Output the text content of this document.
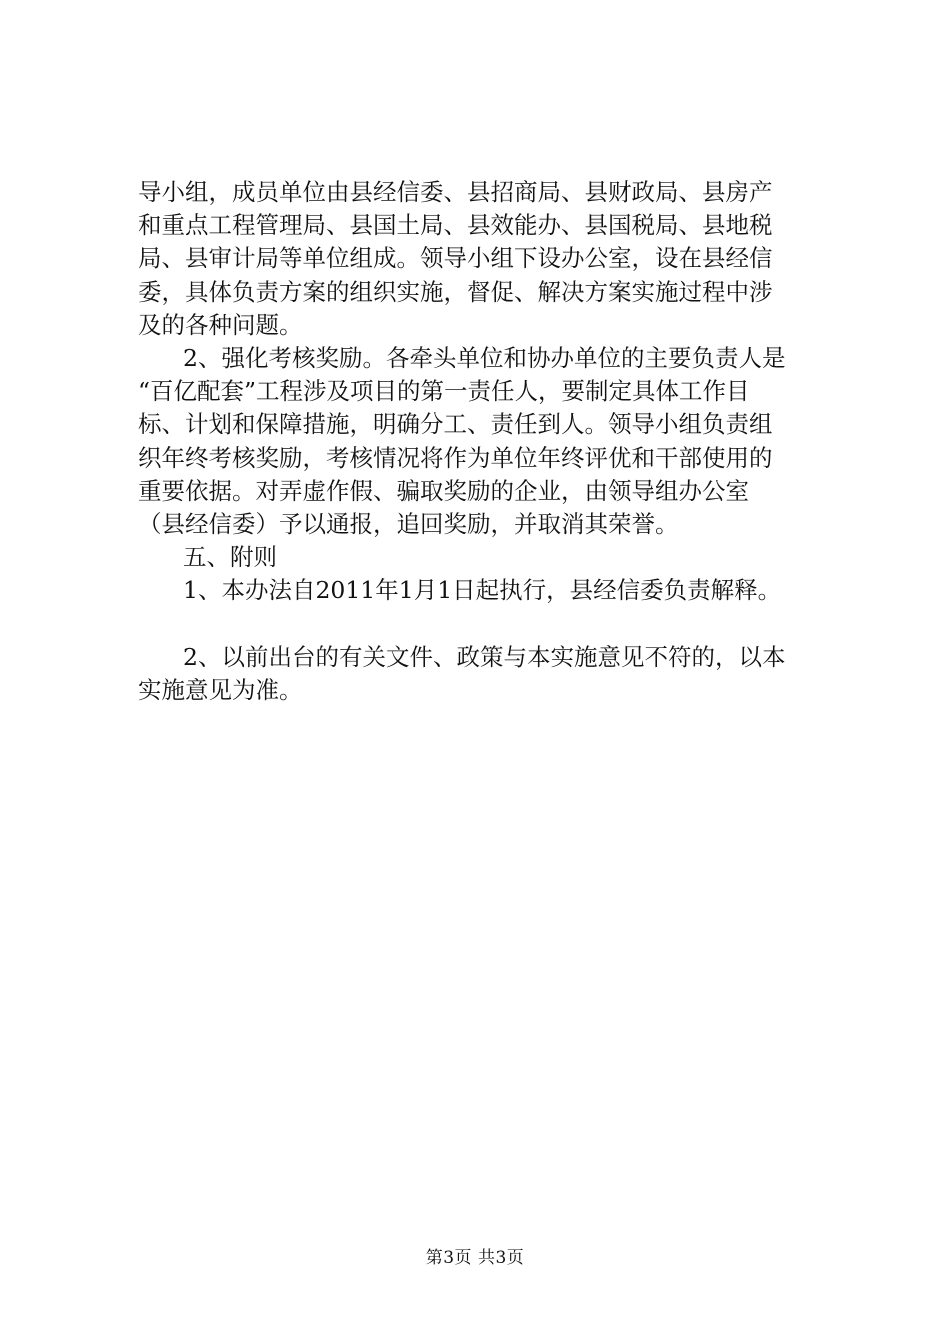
导小组，成员单位由县经信委、县招商局、县财政局、县房产
和重点工程管理局、县国土局、县效能办、县国税局、县地税
局、县审计局等单位组成。领导小组下设办公室，设在县经信
委，具体负责方案的组织实施，督促、解决方案实施过程中涉
及的各种问题。
2、强化考核奖励。各牵头单位和协办单位的主要负责人是
“百亿配套”工程涉及项目的第一责任人，要制定具体工作目
标、计划和保障措施，明确分工、责任到人。领导小组负责组
织年终考核奖励，考核情况将作为单位年终评优和干部使用的
重要依据。对弄虚作假、骗取奖励的企业，由领导组办公室
（县经信委）予以通报，追回奖励，并取消其荣誉。
五、附则
1、本办法自2011年1月1日起执行，县经信委负责解释。
2、以前出台的有关文件、政策与本实施意见不符的，以本
实施意见为准。
第3页 共3页
